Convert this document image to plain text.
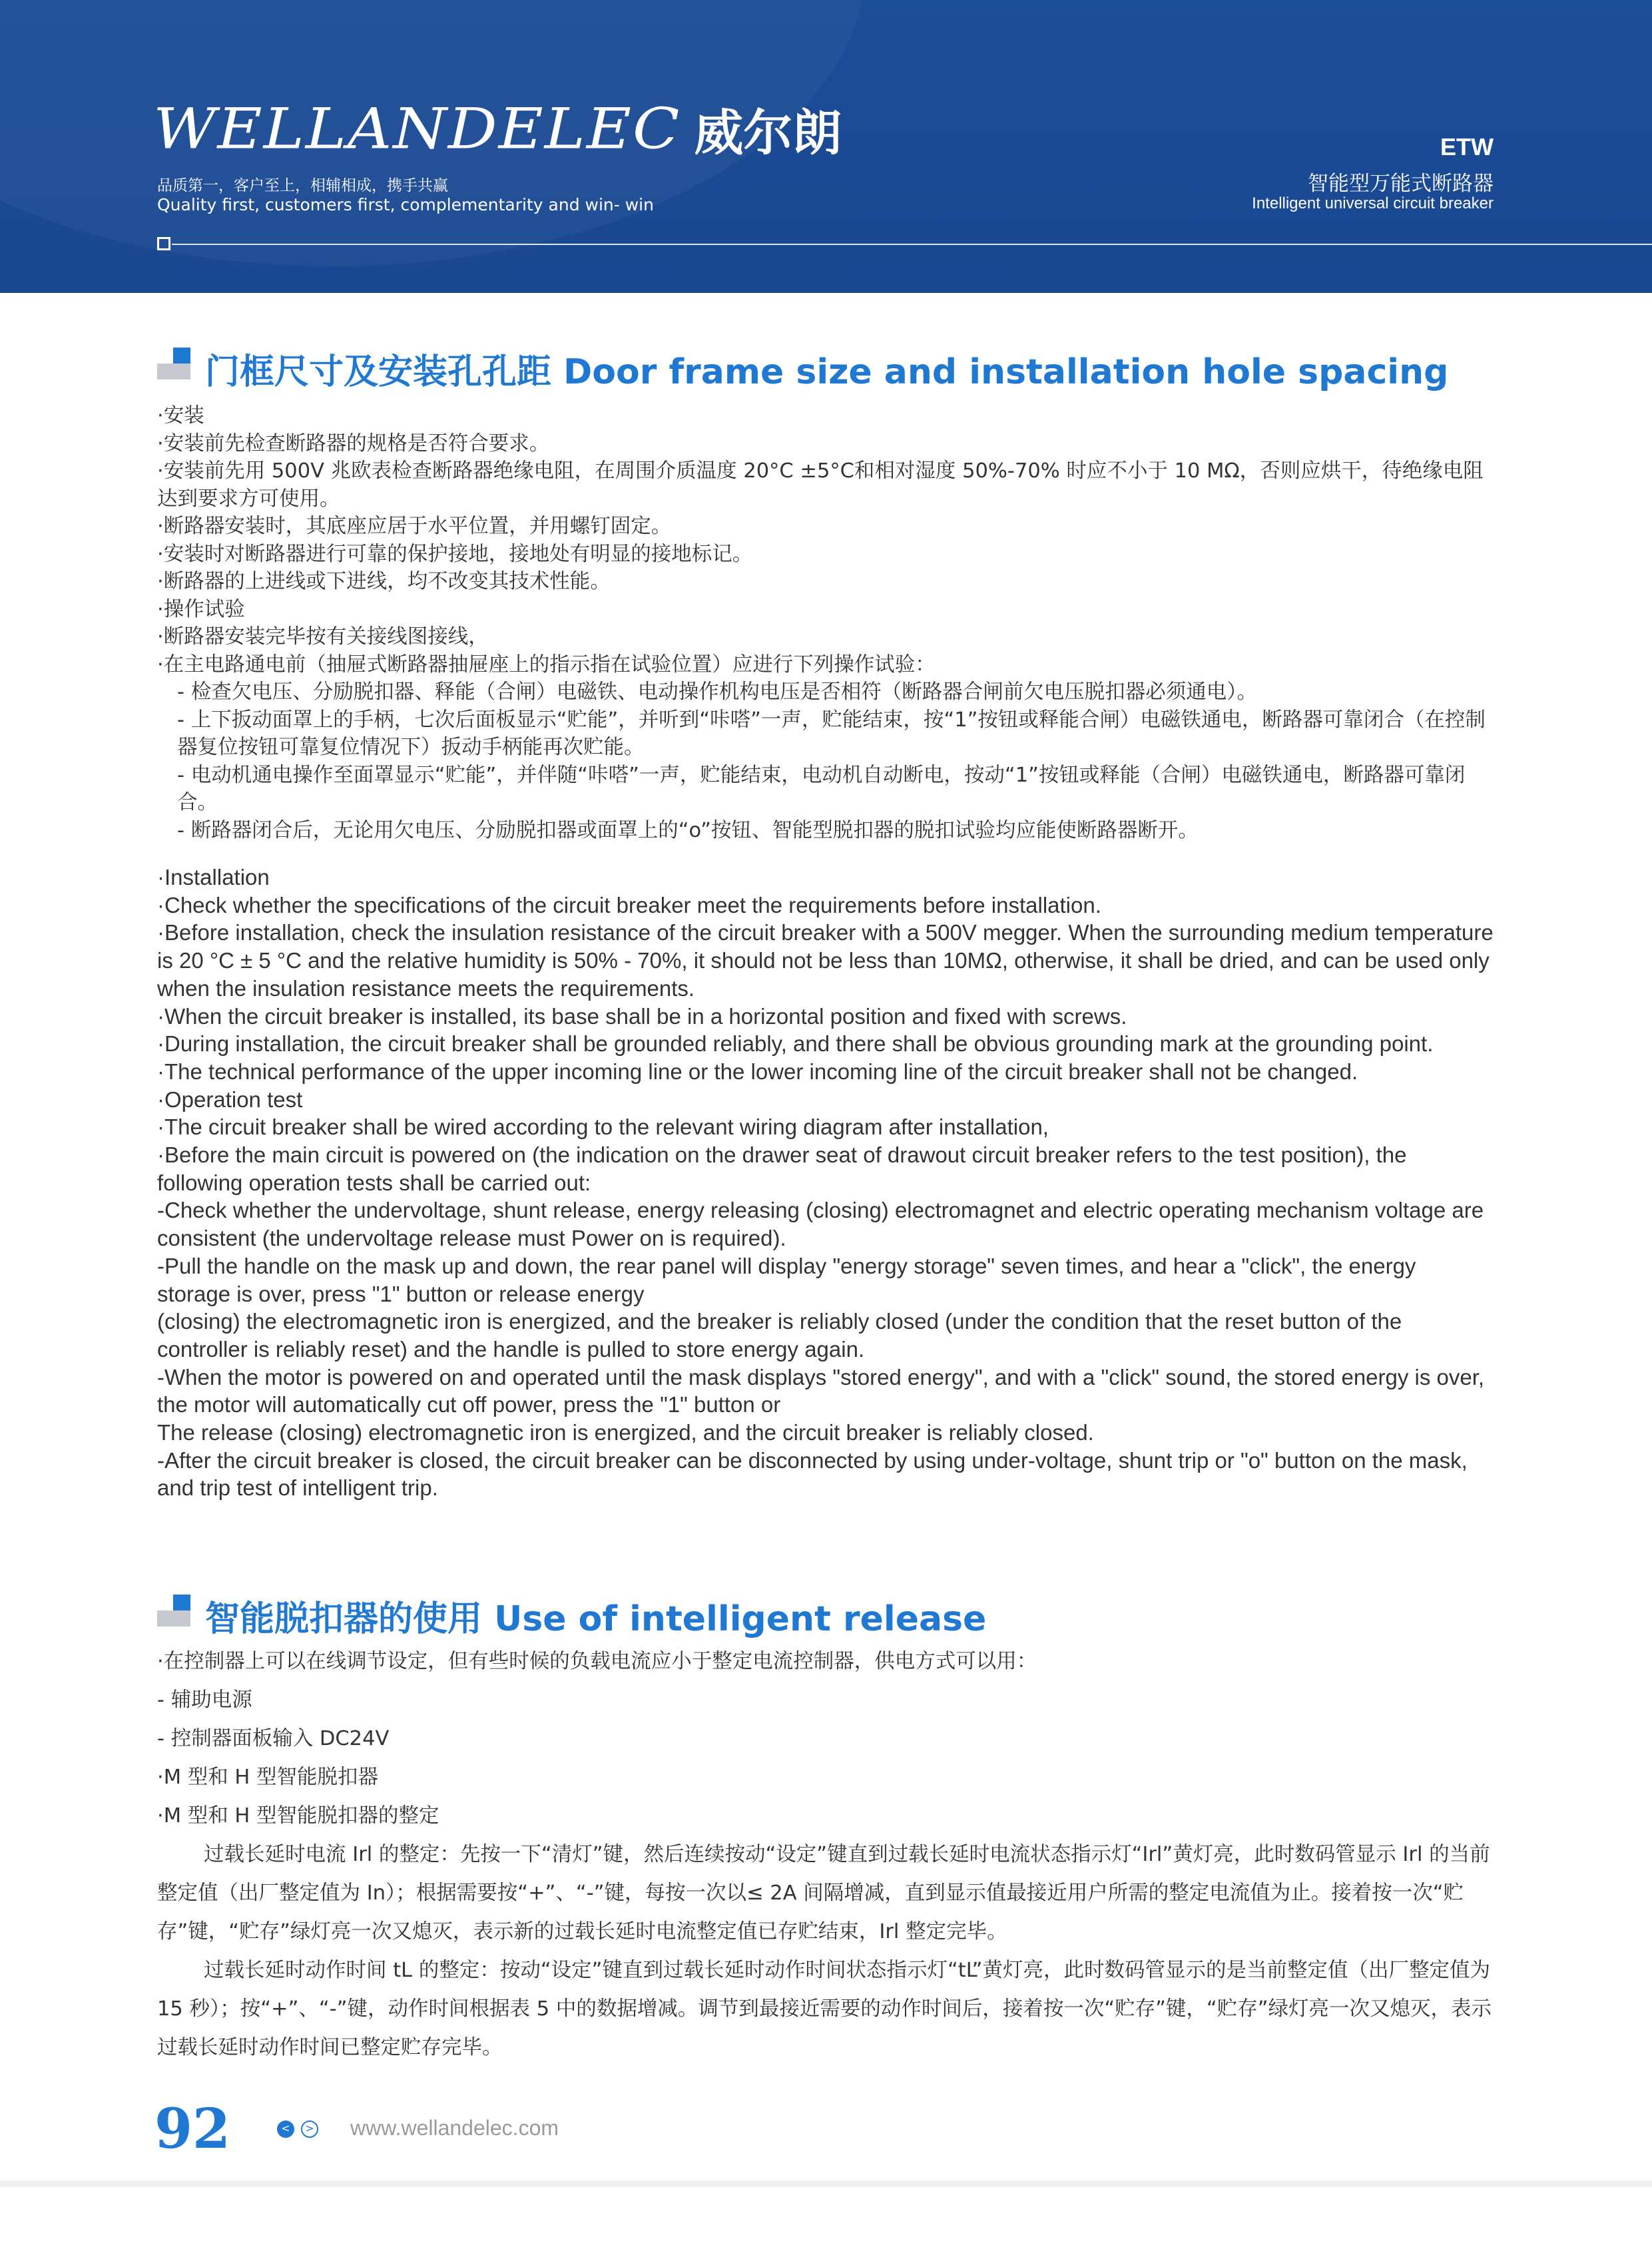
WELLANDELEC 威尔朗
品质第一，客户至上，相辅相成，携手共赢
Quality first, customers first, complementarity and win- win
ETW
智能型万能式断路器
Intelligent universal circuit breaker
门框尺寸及安装孔孔距 Door frame size and installation hole spacing

·安装

·安装前先检查断路器的规格是否符合要求。

·安装前先用 500V 兆欧表检查断路器绝缘电阻，在周围介质温度 20°C ±5°C和相对湿度 50%-70% 时应不小于 10 MΩ，否则应烘干，待绝缘电阻达到要求方可使用。

·断路器安装时，其底座应居于水平位置，并用螺钉固定。

·安装时对断路器进行可靠的保护接地，接地处有明显的接地标记。

·断路器的上进线或下进线，均不改变其技术性能。

·操作试验

·断路器安装完毕按有关接线图接线，

·在主电路通电前（抽屉式断路器抽屉座上的指示指在试验位置）应进行下列操作试验：

- 检查欠电压、分励脱扣器、释能（合闸）电磁铁、电动操作机构电压是否相符（断路器合闸前欠电压脱扣器必须通电）。

- 上下扳动面罩上的手柄，七次后面板显示“贮能”，并听到“咔嗒”一声，贮能结束，按“1”按钮或释能合闸）电磁铁通电，断路器可靠闭合（在控制器复位按钮可靠复位情况下）扳动手柄能再次贮能。

- 电动机通电操作至面罩显示“贮能”，并伴随“咔嗒”一声，贮能结束，电动机自动断电，按动“1”按钮或释能（合闸）电磁铁通电，断路器可靠闭合。

- 断路器闭合后，无论用欠电压、分励脱扣器或面罩上的“o”按钮、智能型脱扣器的脱扣试验均应能使断路器断开。

·Installation

·Check whether the specifications of the circuit breaker meet the requirements before installation.

·Before installation, check the insulation resistance of the circuit breaker with a 500V megger. When the surrounding medium temperature is 20 °C ± 5 °C and the relative humidity is 50% - 70%, it should not be less than 10MΩ, otherwise, it shall be dried, and can be used only when the insulation resistance meets the requirements.

·When the circuit breaker is installed, its base shall be in a horizontal position and fixed with screws.

·During installation, the circuit breaker shall be grounded reliably, and there shall be obvious grounding mark at the grounding point.

·The technical performance of the upper incoming line or the lower incoming line of the circuit breaker shall not be changed.

·Operation test

·The circuit breaker shall be wired according to the relevant wiring diagram after installation,

·Before the main circuit is powered on (the indication on the drawer seat of drawout circuit breaker refers to the test position), the following operation tests shall be carried out:

-Check whether the undervoltage, shunt release, energy releasing (closing) electromagnet and electric operating mechanism voltage are consistent (the undervoltage release must Power on is required).

-Pull the handle on the mask up and down, the rear panel will display "energy storage" seven times, and hear a "click", the energy storage is over, press "1" button or release energy

(closing) the electromagnetic iron is energized, and the breaker is reliably closed (under the condition that the reset button of the controller is reliably reset) and the handle is pulled to store energy again.

-When the motor is powered on and operated until the mask displays "stored energy", and with a "click" sound, the stored energy is over, the motor will automatically cut off power, press the "1" button or

The release (closing) electromagnetic iron is energized, and the circuit breaker is reliably closed.

-After the circuit breaker is closed, the circuit breaker can be disconnected by using under-voltage, shunt trip or "o" button on the mask, and trip test of intelligent trip.

智能脱扣器的使用 Use of intelligent release

·在控制器上可以在线调节设定，但有些时候的负载电流应小于整定电流控制器，供电方式可以用：

- 辅助电源

- 控制器面板输入 DC24V

·M 型和 H 型智能脱扣器

·M 型和 H 型智能脱扣器的整定

过载长延时电流 Irl 的整定：先按一下“清灯”键，然后连续按动“设定”键直到过载长延时电流状态指示灯“Irl”黄灯亮，此时数码管显示 Irl 的当前整定值（出厂整定值为 In）；根据需要按“+”、“-”键，每按一次以≤ 2A 间隔增减，直到显示值最接近用户所需的整定电流值为止。接着按一次“贮存”键，“贮存”绿灯亮一次又熄灭，表示新的过载长延时电流整定值已存贮结束，Irl 整定完毕。

过载长延时动作时间 tL 的整定：按动“设定”键直到过载长延时动作时间状态指示灯“tL”黄灯亮，此时数码管显示的是当前整定值（出厂整定值为 15 秒）；按“+”、“-”键，动作时间根据表 5 中的数据增减。调节到最接近需要的动作时间后，接着按一次“贮存”键，“贮存”绿灯亮一次又熄灭，表示过载长延时动作时间已整定贮存完毕。

92	<	> www.wellandelec.com
